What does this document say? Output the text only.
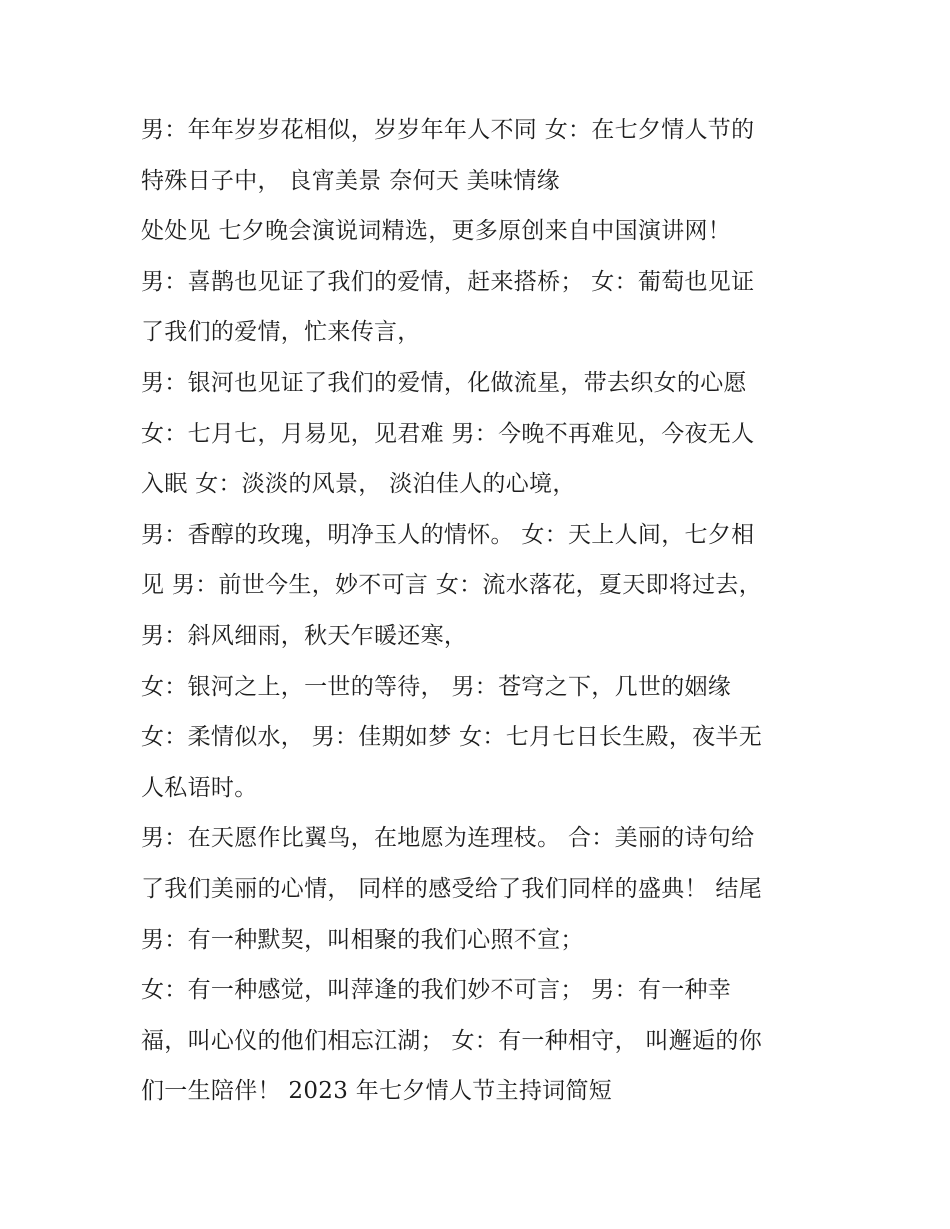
男：年年岁岁花相似，岁岁年年人不同 女：在七夕情人节的
特殊日子中， 良宵美景 奈何天 美味情缘
处处见 七夕晚会演说词精选，更多原创来自中国演讲网！
男：喜鹊也见证了我们的爱情，赶来搭桥； 女：葡萄也见证
了我们的爱情，忙来传言，
男：银河也见证了我们的爱情，化做流星，带去织女的心愿
女：七月七，月易见，见君难 男：今晚不再难见，今夜无人
入眠 女：淡淡的风景， 淡泊佳人的心境，
男：香醇的玫瑰，明净玉人的情怀。 女：天上人间，七夕相
见 男：前世今生，妙不可言 女：流水落花，夏天即将过去，
男：斜风细雨，秋天乍暖还寒，
女：银河之上，一世的等待， 男：苍穹之下，几世的姻缘
女：柔情似水， 男：佳期如梦 女：七月七日长生殿，夜半无
人私语时。
男：在天愿作比翼鸟，在地愿为连理枝。 合：美丽的诗句给
了我们美丽的心情， 同样的感受给了我们同样的盛典！ 结尾
男：有一种默契，叫相聚的我们心照不宣；
女：有一种感觉，叫萍逢的我们妙不可言； 男：有一种幸
福，叫心仪的他们相忘江湖； 女：有一种相守， 叫邂逅的你
们一生陪伴！ 2023 年七夕情人节主持词简短
